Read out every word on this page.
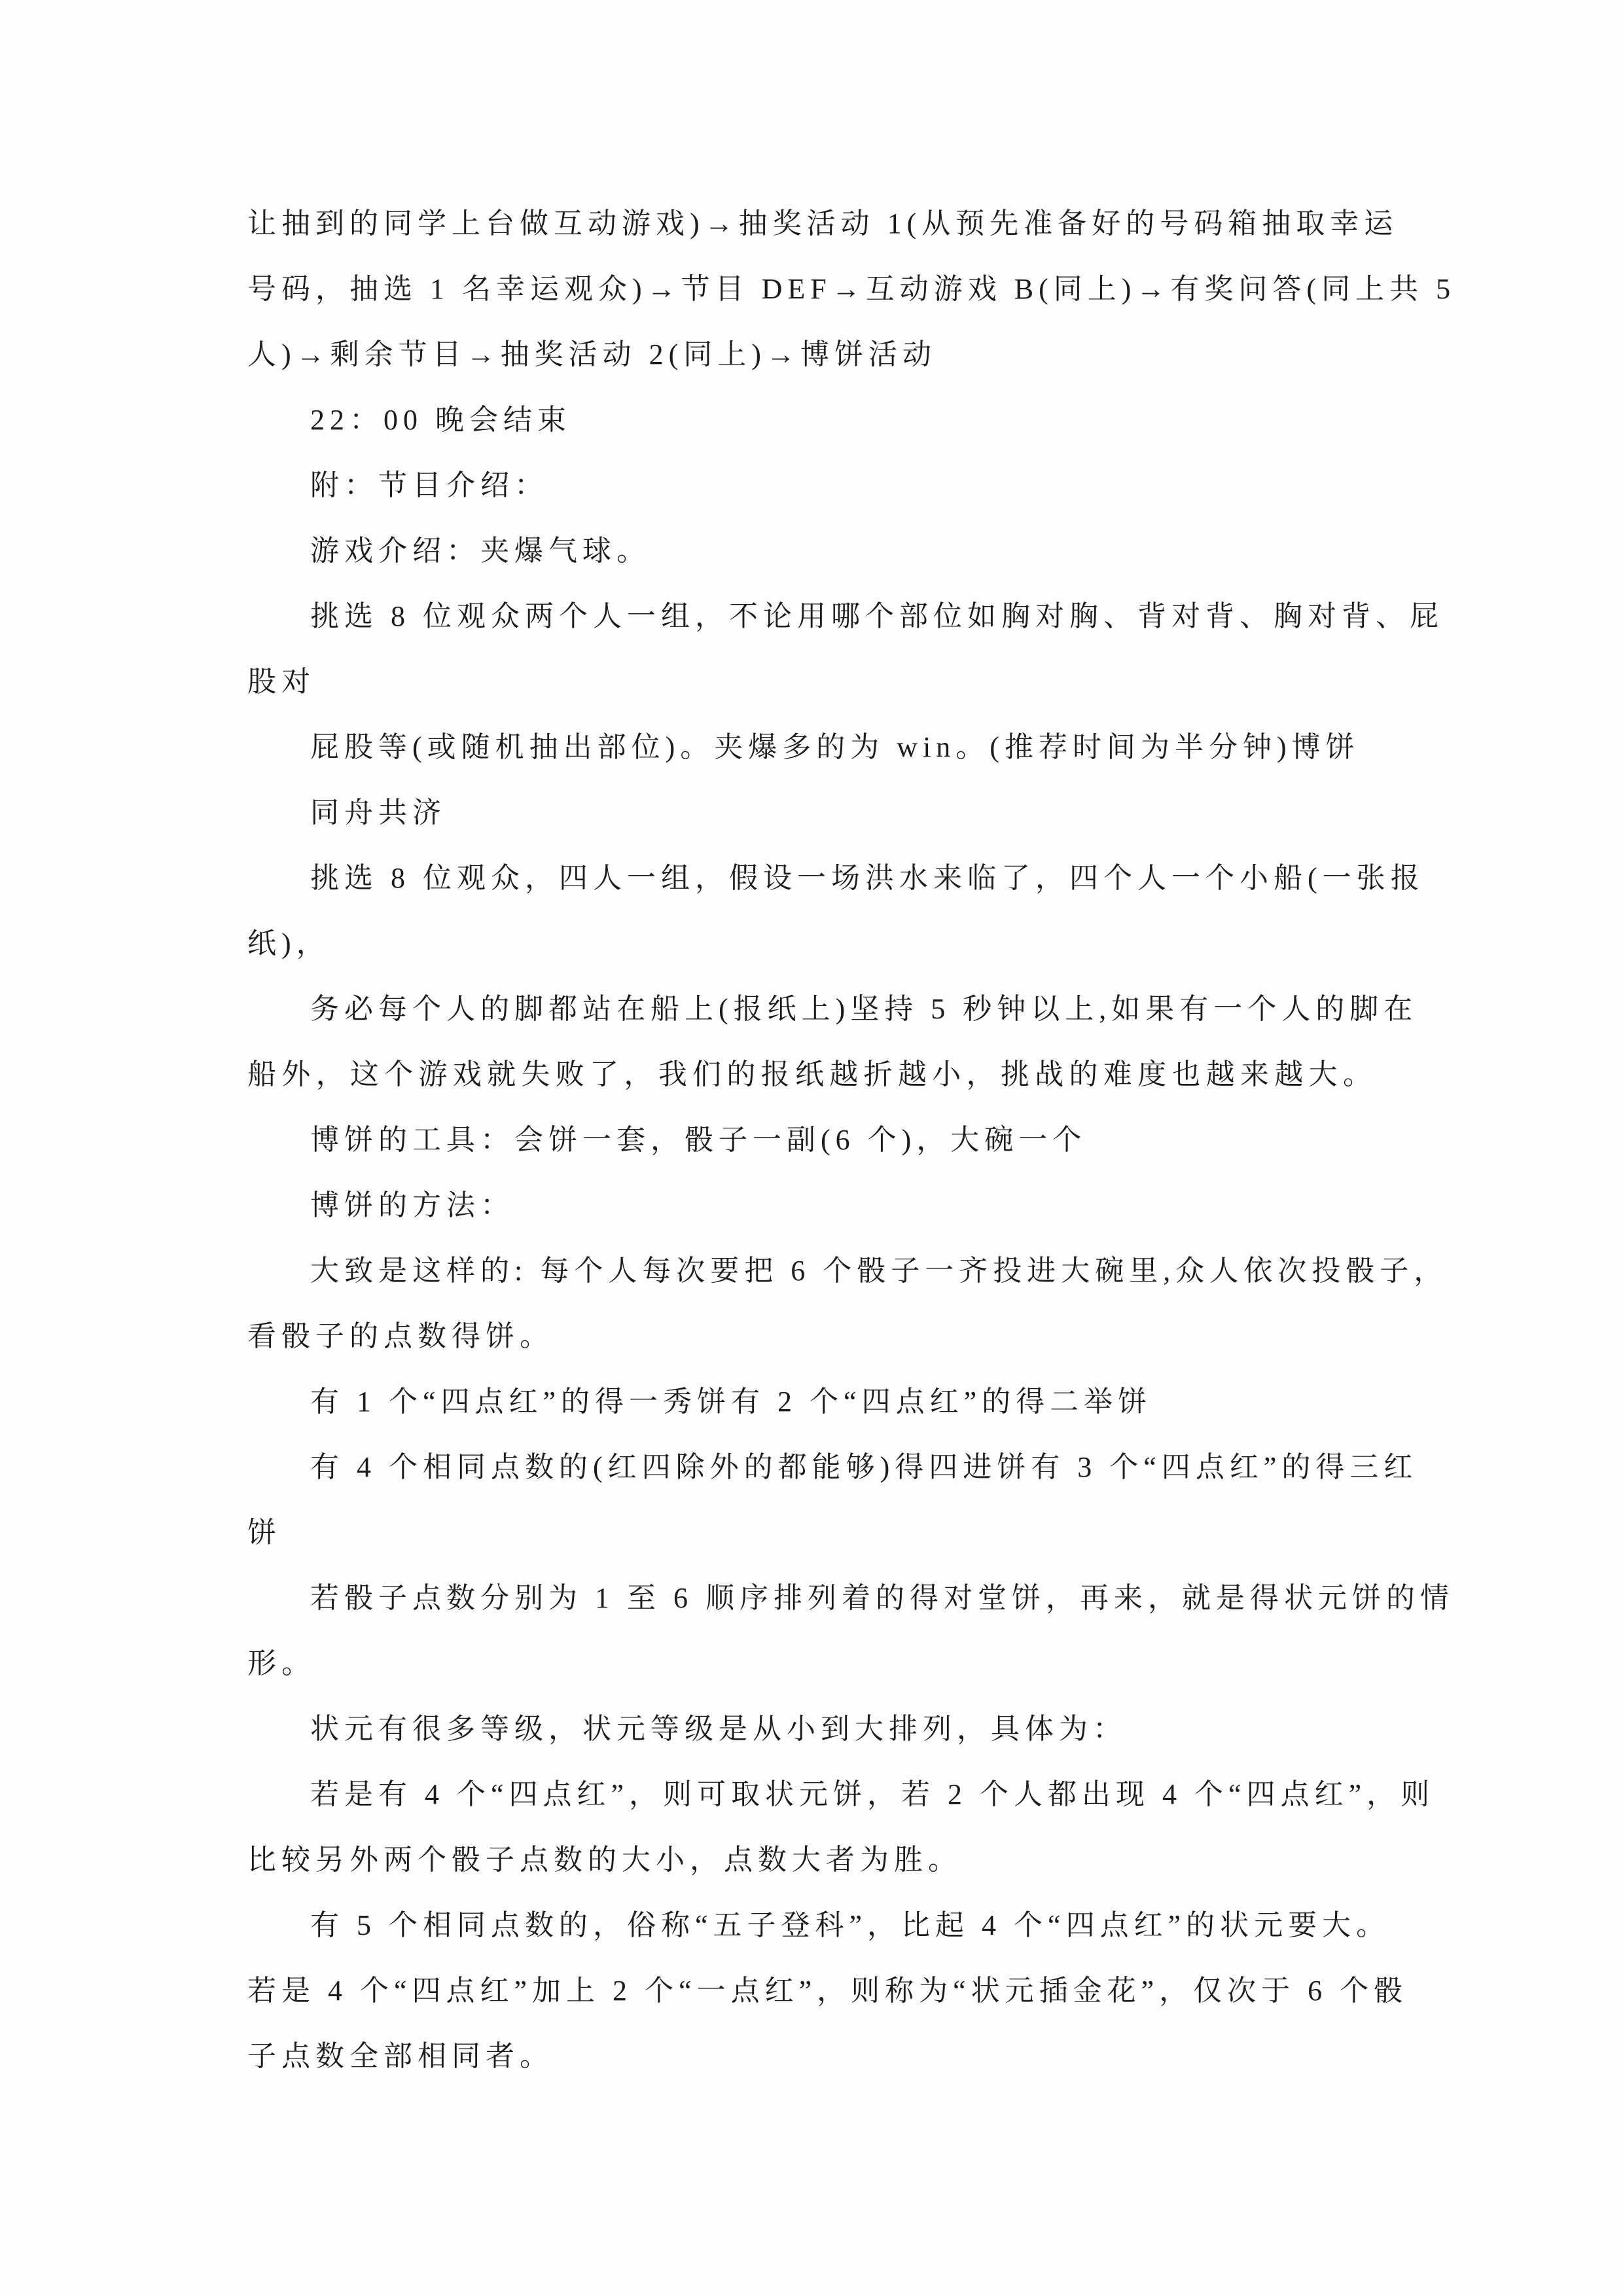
让抽到的同学上台做互动游戏)→抽奖活动 1(从预先准备好的号码箱抽取幸运
号码，抽选 1 名幸运观众)→节目 DEF→互动游戏 B(同上)→有奖问答(同上共 5
人)→剩余节目→抽奖活动 2(同上)→博饼活动
22：00 晚会结束
附：节目介绍：
游戏介绍：夹爆气球。
挑选 8 位观众两个人一组，不论用哪个部位如胸对胸、背对背、胸对背、屁
股对
屁股等(或随机抽出部位)。夹爆多的为 win。(推荐时间为半分钟)博饼
同舟共济
挑选 8 位观众，四人一组，假设一场洪水来临了，四个人一个小船(一张报
纸)，
务必每个人的脚都站在船上(报纸上)坚持 5 秒钟以上,如果有一个人的脚在
船外，这个游戏就失败了，我们的报纸越折越小，挑战的难度也越来越大。
博饼的工具：会饼一套，骰子一副(6 个)，大碗一个
博饼的方法：
大致是这样的: 每个人每次要把 6 个骰子一齐投进大碗里,众人依次投骰子，
看骰子的点数得饼。
有 1 个“四点红”的得一秀饼有 2 个“四点红”的得二举饼
有 4 个相同点数的(红四除外的都能够)得四进饼有 3 个“四点红”的得三红
饼
若骰子点数分别为 1 至 6 顺序排列着的得对堂饼，再来，就是得状元饼的情
形。
状元有很多等级，状元等级是从小到大排列，具体为：
若是有 4 个“四点红”，则可取状元饼，若 2 个人都出现 4 个“四点红”，则
比较另外两个骰子点数的大小，点数大者为胜。
有 5 个相同点数的，俗称“五子登科”，比起 4 个“四点红”的状元要大。
若是 4 个“四点红”加上 2 个“一点红”，则称为“状元插金花”，仅次于 6 个骰
子点数全部相同者。
